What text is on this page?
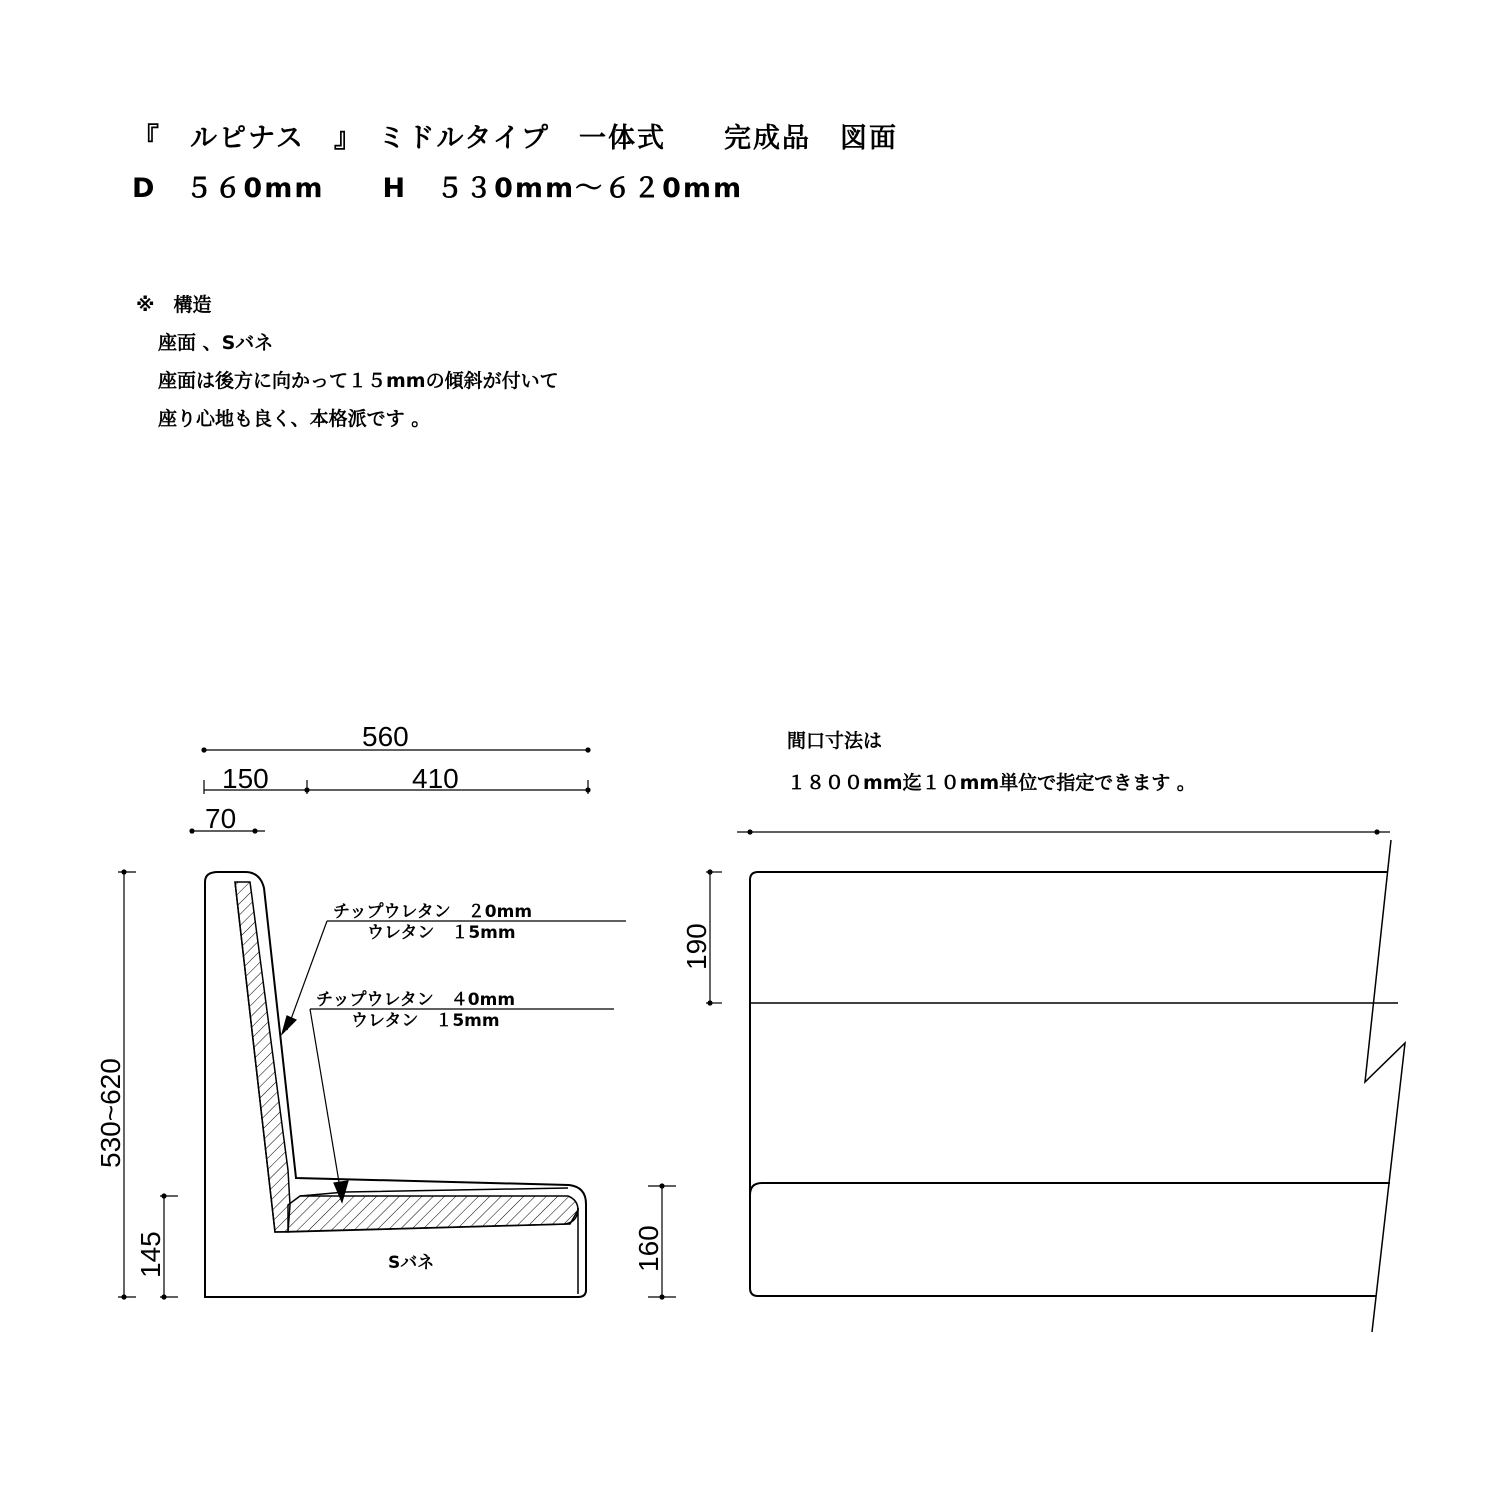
『　ルピナス　』　ミドルタイプ　一体式　　完成品　図面
D　５６0mm　　H　５３0mm～６２0mm
※　構造
座面 、Sバネ
座面は後方に向かって１５mmの傾斜が付いて
座り心地も良く、本格派です 。
間口寸法は
１８００mm迄１０mm単位で指定できます 。
560
150	410
70
530~620
145
チップウレタン　２0mm
ウレタン　１5mm
チップウレタン　４0mm
ウレタン　１5mm
Sバネ
190
160
